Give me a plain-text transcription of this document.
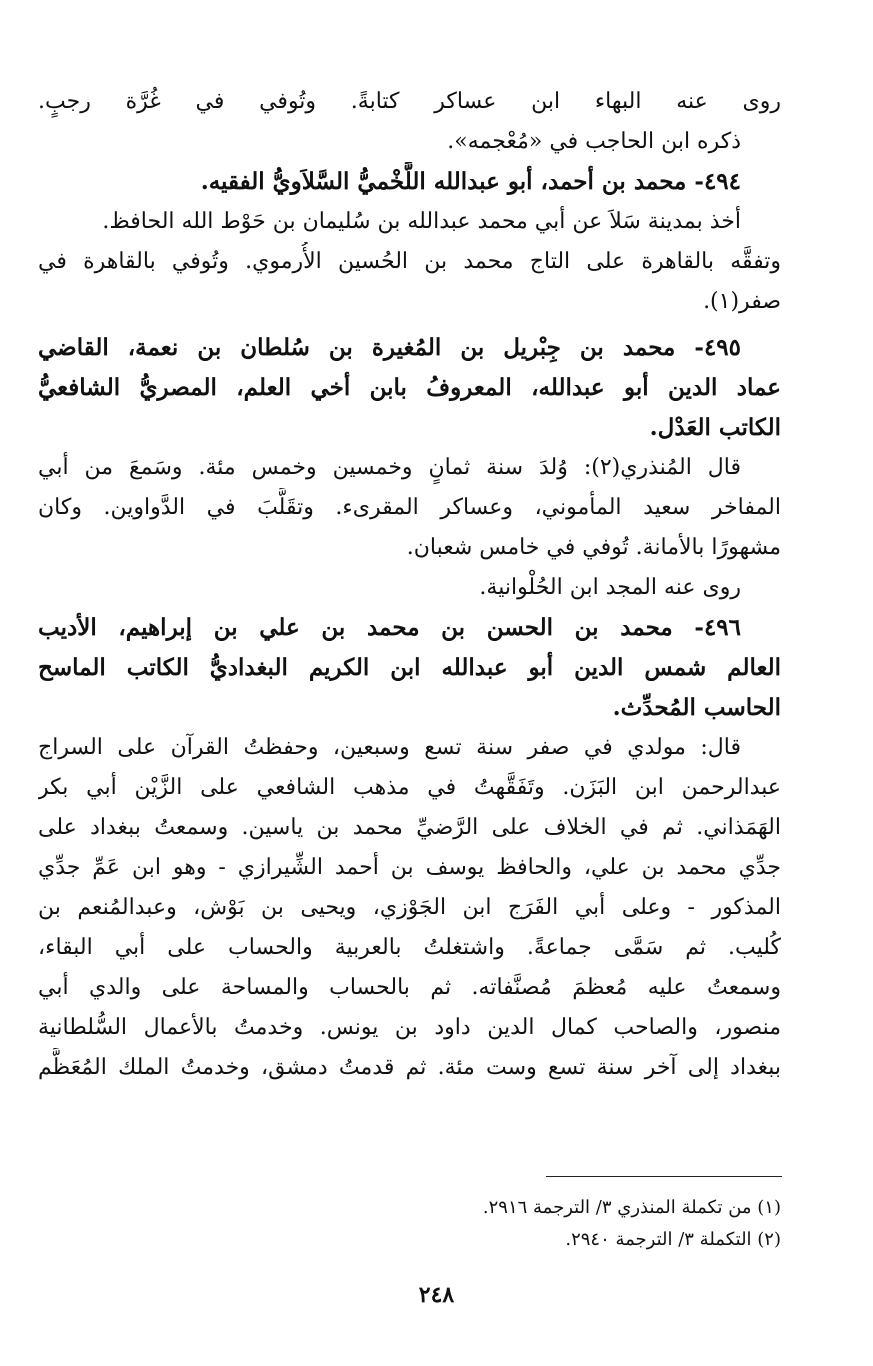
روى عنه البهاء ابن عساكر كتابةً. وتُوفي في غُرَّة رجبٍ.
ذكره ابن الحاجب في «مُعْجمه».
٤٩٤- محمد بن أحمد، أبو عبدالله اللَّخْميُّ السَّلاَويُّ الفقيه.
أخذ بمدينة سَلاَ عن أبي محمد عبدالله بن سُليمان بن حَوْط الله الحافظ.
وتفقَّه بالقاهرة على التاج محمد بن الحُسين الأُرموي. وتُوفي بالقاهرة في
صفر(١).
٤٩٥- محمد بن جِبْريل بن المُغيرة بن سُلطان بن نعمة، القاضي
عماد الدين أبو عبدالله، المعروفُ بابن أخي العلم، المصريُّ الشافعيُّ
الكاتب العَدْل.
قال المُنذري(٢): وُلدَ سنة ثمانٍ وخمسين وخمس مئة. وسَمعَ من أبي
المفاخر سعيد المأموني، وعساكر المقرىء. وتقَلَّبَ في الدَّواوين. وكان
مشهورًا بالأمانة. تُوفي في خامس شعبان.
روى عنه المجد ابن الحُلْوانية.
٤٩٦- محمد بن الحسن بن محمد بن علي بن إبراهيم، الأديب
العالم شمس الدين أبو عبدالله ابن الكريم البغداديُّ الكاتب الماسح
الحاسب المُحدِّث.
قال: مولدي في صفر سنة تسع وسبعين، وحفظتُ القرآن على السراج
عبدالرحمن ابن البَزَن. وتَفَقَّهتُ في مذهب الشافعي على الزَّيْن أبي بكر
الهَمَذاني. ثم في الخلاف على الرَّضيِّ محمد بن ياسين. وسمعتُ ببغداد على
جدِّي محمد بن علي، والحافظ يوسف بن أحمد الشِّيرازي - وهو ابن عَمِّ جدِّي
المذكور - وعلى أبي الفَرَج ابن الجَوْزي، ويحيى بن بَوْش، وعبدالمُنعم بن
كُليب. ثم سَمَّى جماعةً. واشتغلتُ بالعربية والحساب على أبي البقاء،
وسمعتُ عليه مُعظمَ مُصنَّفاته. ثم بالحساب والمساحة على والدي أبي
منصور، والصاحب كمال الدين داود بن يونس. وخدمتُ بالأعمال السُّلطانية
ببغداد إلى آخر سنة تسع وست مئة. ثم قدمتُ دمشق، وخدمتُ الملك المُعَظَّم
(١) من تكملة المنذري ٣/ الترجمة ٢٩١٦.
(٢) التكملة ٣/ الترجمة ٢٩٤٠.
٢٤٨
